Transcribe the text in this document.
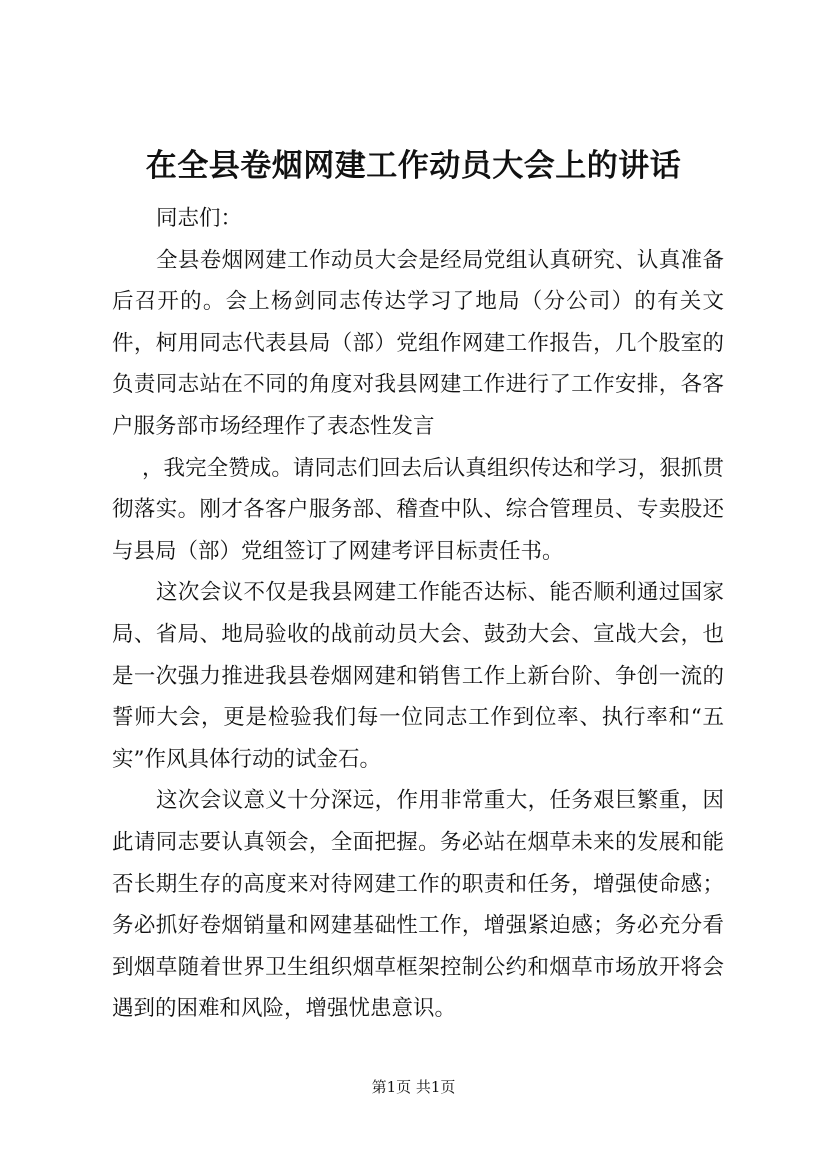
在全县卷烟网建工作动员大会上的讲话

同志们：

全县卷烟网建工作动员大会是经局党组认真研究、认真准备后召开的。会上杨剑同志传达学习了地局（分公司）的有关文件，柯用同志代表县局（部）党组作网建工作报告，几个股室的负责同志站在不同的角度对我县网建工作进行了工作安排，各客户服务部市场经理作了表态性发言

，我完全赞成。请同志们回去后认真组织传达和学习，狠抓贯彻落实。刚才各客户服务部、稽查中队、综合管理员、专卖股还与县局（部）党组签订了网建考评目标责任书。

这次会议不仅是我县网建工作能否达标、能否顺利通过国家局、省局、地局验收的战前动员大会、鼓劲大会、宣战大会，也是一次强力推进我县卷烟网建和销售工作上新台阶、争创一流的誓师大会，更是检验我们每一位同志工作到位率、执行率和“五实”作风具体行动的试金石。

这次会议意义十分深远，作用非常重大，任务艰巨繁重，因此请同志要认真领会，全面把握。务必站在烟草未来的发展和能否长期生存的高度来对待网建工作的职责和任务，增强使命感；务必抓好卷烟销量和网建基础性工作，增强紧迫感；务必充分看到烟草随着世界卫生组织烟草框架控制公约和烟草市场放开将会遇到的困难和风险，增强忧患意识。

第1页 共1页
